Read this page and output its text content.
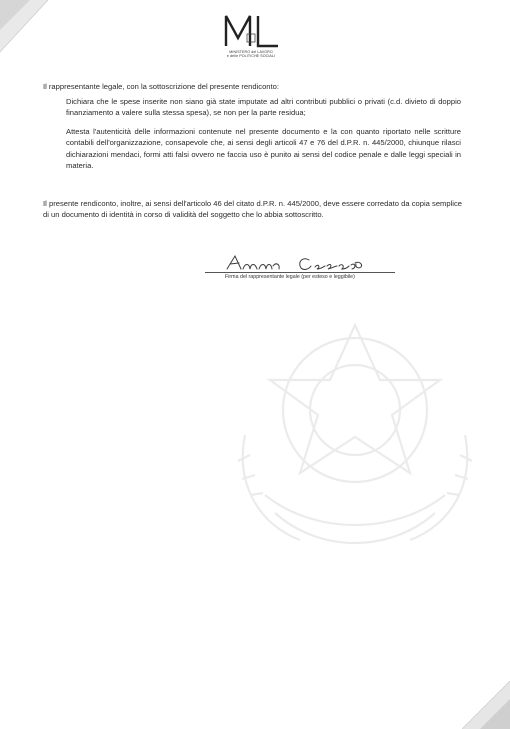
MINISTERO del LAVORO
e delle POLITICHE SOCIALI
Il rappresentante legale, con la sottoscrizione del presente rendiconto:
Dichiara che le spese inserite non siano già state imputate ad altri contributi pubblici o privati (c.d. divieto di doppio finanziamento a valere sulla stessa spesa), se non per la parte residua;
Attesta l'autenticità delle informazioni contenute nel presente documento e la con quanto riportato nelle scritture contabili dell'organizzazione, consapevole che, ai sensi degli articoli 47 e 76 del d.P.R. n. 445/2000, chiunque rilasci dichiarazioni mendaci, formi atti falsi ovvero ne faccia uso è punito ai sensi del codice penale e dalle leggi speciali in materia.
Il presente rendiconto, inoltre, ai sensi dell'articolo 46 del citato d.P.R. n. 445/2000, deve essere corredato da copia semplice di un documento di identità in corso di validità del soggetto che lo abbia sottoscritto.
Firma del rappresentante legale (per esteso e leggibile)
